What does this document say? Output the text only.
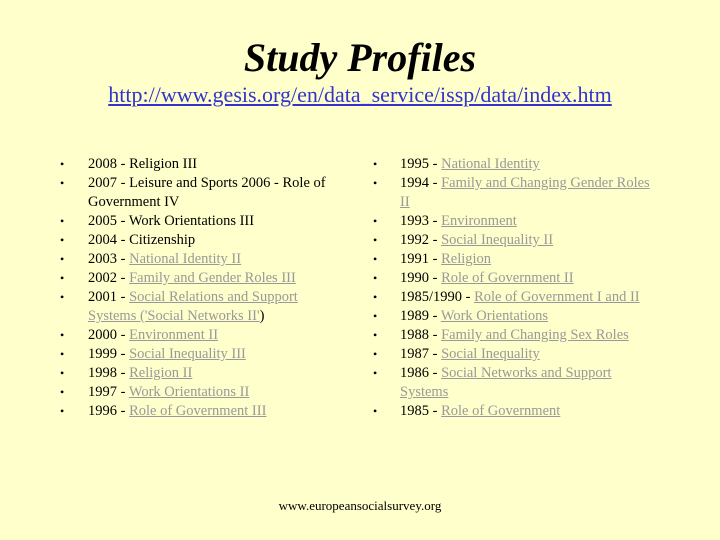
Study Profiles
http://www.gesis.org/en/data_service/issp/data/index.htm
• 2008 - Religion III
• 2007 - Leisure and Sports 2006 - Role of Government IV
• 2005 - Work Orientations III
• 2004 - Citizenship
• 2003 - National Identity II
• 2002 - Family and Gender Roles III
• 2001 - Social Relations and Support Systems ('Social Networks II')
• 2000 - Environment II
• 1999 - Social Inequality III
• 1998 - Religion II
• 1997 - Work Orientations II
• 1996 - Role of Government III
• 1995 - National Identity
• 1994 - Family and Changing Gender Roles II
• 1993 - Environment
• 1992 - Social Inequality II
• 1991 - Religion
• 1990 - Role of Government II
• 1985/1990 - Role of Government I and II
• 1989 - Work Orientations
• 1988 - Family and Changing Sex Roles
• 1987 - Social Inequality
• 1986 - Social Networks and Support Systems
• 1985 - Role of Government
www.europeansocialsurvey.org
